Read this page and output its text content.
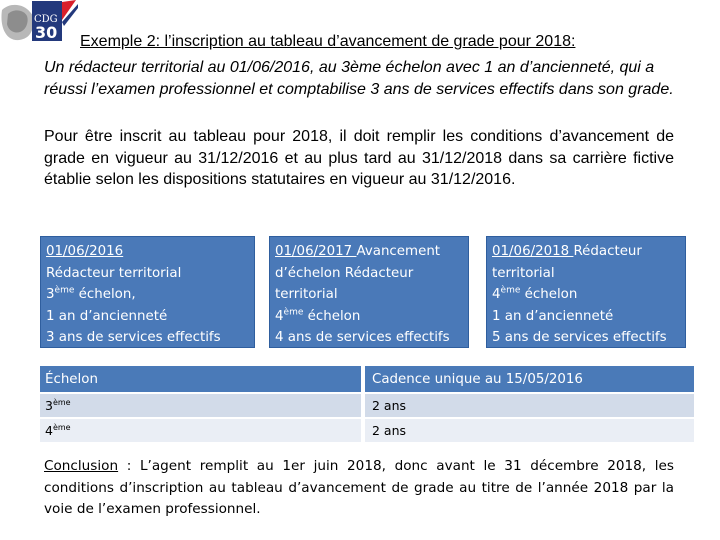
CDG
30 Exemple 2: l’inscription au tableau d’avancement de grade pour 2018:
Un rédacteur territorial au 01/06/2016, au 3ème échelon avec 1 an d’ancienneté, qui a réussi l’examen professionnel et comptabilise 3 ans de services effectifs dans son grade.
Pour être inscrit au tableau pour 2018, il doit remplir les conditions d’avancement de grade en vigueur au 31/12/2016 et au plus tard au 31/12/2018 dans sa carrière fictive établie selon les dispositions statutaires en vigueur au 31/12/2016.
01/06/2016
Rédacteur territorial
3ème échelon,
1 an d’ancienneté
3 ans de services effectifs
01/06/2017 Avancement
d’échelon Rédacteur
territorial
4ème échelon
4 ans de services effectifs
01/06/2018 Rédacteur
territorial
4ème échelon
1 an d’ancienneté
5 ans de services effectifs
Échelon	Cadence unique au 15/05/2016
3ème	2 ans
4ème	2 ans
Conclusion : L’agent remplit au 1er juin 2018, donc avant le 31 décembre 2018, les conditions d’inscription au tableau d’avancement de grade au titre de l’année 2018 par la voie de l’examen professionnel.
